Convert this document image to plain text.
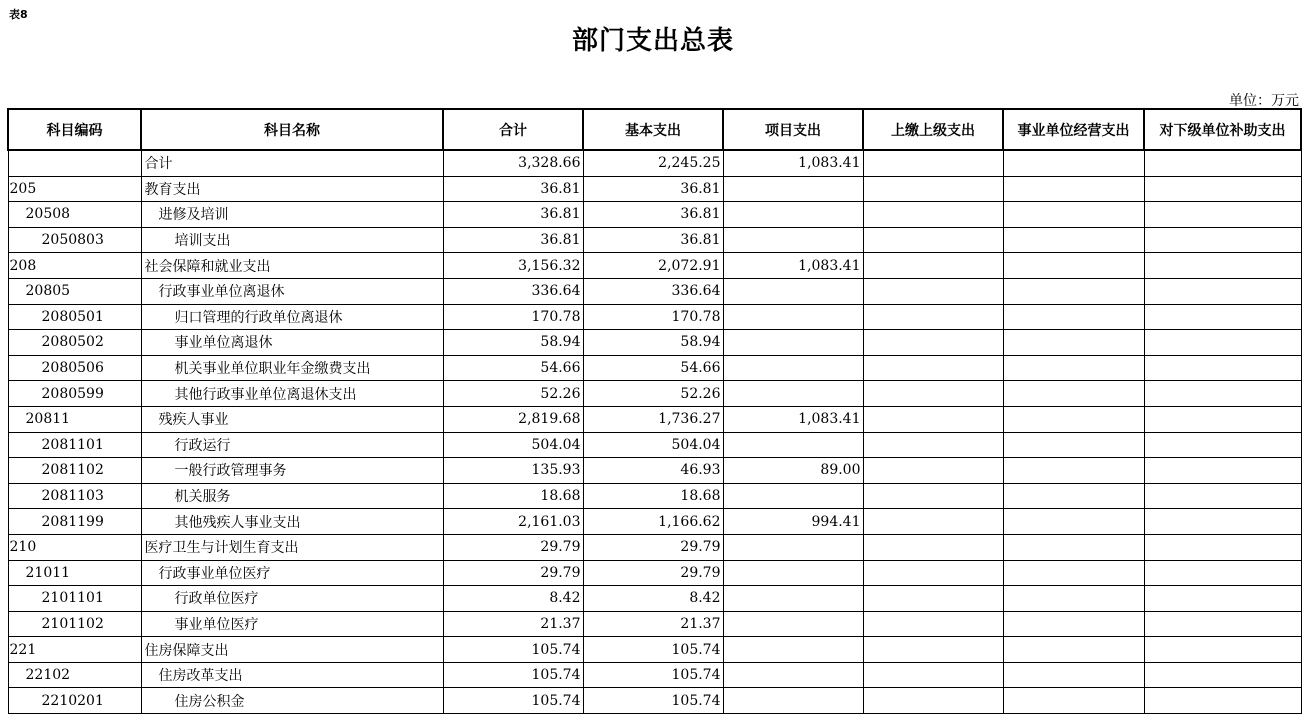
表8
部门支出总表
单位：万元
科目编码	科目名称	合计	基本支出	项目支出	上缴上级支出	事业单位经营支出	对下级单位补助支出
	合计	3,328.66	2,245.25	1,083.41			
205	教育支出	36.81	36.81				
20508	进修及培训	36.81	36.81				
2050803	培训支出	36.81	36.81				
208	社会保障和就业支出	3,156.32	2,072.91	1,083.41			
20805	行政事业单位离退休	336.64	336.64				
2080501	归口管理的行政单位离退休	170.78	170.78				
2080502	事业单位离退休	58.94	58.94				
2080506	机关事业单位职业年金缴费支出	54.66	54.66				
2080599	其他行政事业单位离退休支出	52.26	52.26				
20811	残疾人事业	2,819.68	1,736.27	1,083.41			
2081101	行政运行	504.04	504.04				
2081102	一般行政管理事务	135.93	46.93	89.00			
2081103	机关服务	18.68	18.68				
2081199	其他残疾人事业支出	2,161.03	1,166.62	994.41			
210	医疗卫生与计划生育支出	29.79	29.79				
21011	行政事业单位医疗	29.79	29.79				
2101101	行政单位医疗	8.42	8.42				
2101102	事业单位医疗	21.37	21.37				
221	住房保障支出	105.74	105.74				
22102	住房改革支出	105.74	105.74				
2210201	住房公积金	105.74	105.74				
